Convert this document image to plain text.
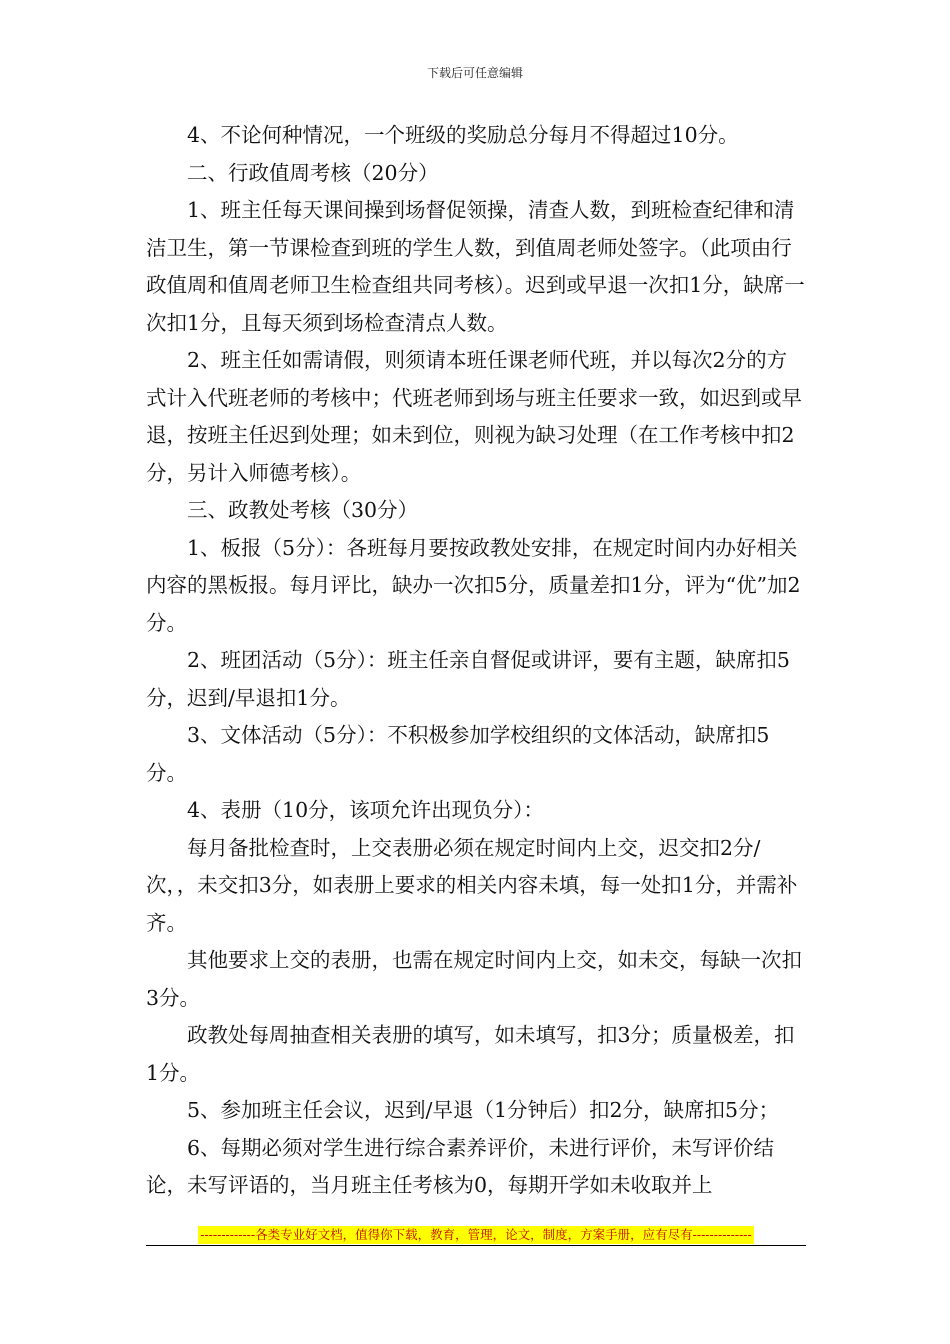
下载后可任意编辑

4、不论何种情况，一个班级的奖励总分每月不得超过10分。

二、行政值周考核（20分）

1、班主任每天课间操到场督促领操，清查人数，到班检查纪律和清洁卫生，第一节课检查到班的学生人数，到值周老师处签字。（此项由行政值周和值周老师卫生检查组共同考核）。迟到或早退一次扣1分，缺席一次扣1分，且每天须到场检查清点人数。

2、班主任如需请假，则须请本班任课老师代班，并以每次2分的方式计入代班老师的考核中；代班老师到场与班主任要求一致，如迟到或早退，按班主任迟到处理；如未到位，则视为缺习处理（在工作考核中扣2分，另计入师德考核）。

三、政教处考核（30分）

1、板报（5分）：各班每月要按政教处安排，在规定时间内办好相关内容的黑板报。每月评比，缺办一次扣5分，质量差扣1分，评为“优”加2分。

2、班团活动（5分）：班主任亲自督促或讲评，要有主题，缺席扣5分，迟到/早退扣1分。

3、文体活动（5分）：不积极参加学校组织的文体活动，缺席扣5分。

4、表册（10分，该项允许出现负分）：

每月备批检查时，上交表册必须在规定时间内上交，迟交扣2分/次，，未交扣3分，如表册上要求的相关内容未填，每一处扣1分，并需补齐。

其他要求上交的表册，也需在规定时间内上交，如未交，每缺一次扣3分。

政教处每周抽查相关表册的填写，如未填写，扣3分；质量极差，扣1分。

5、参加班主任会议，迟到/早退（1分钟后）扣2分，缺席扣5分；

6、每期必须对学生进行综合素养评价，未进行评价，未写评价结论，未写评语的，当月班主任考核为0，每期开学如未收取并上

-------------各类专业好文档，值得你下载，教育，管理，论文，制度，方案手册，应有尽有--------------
